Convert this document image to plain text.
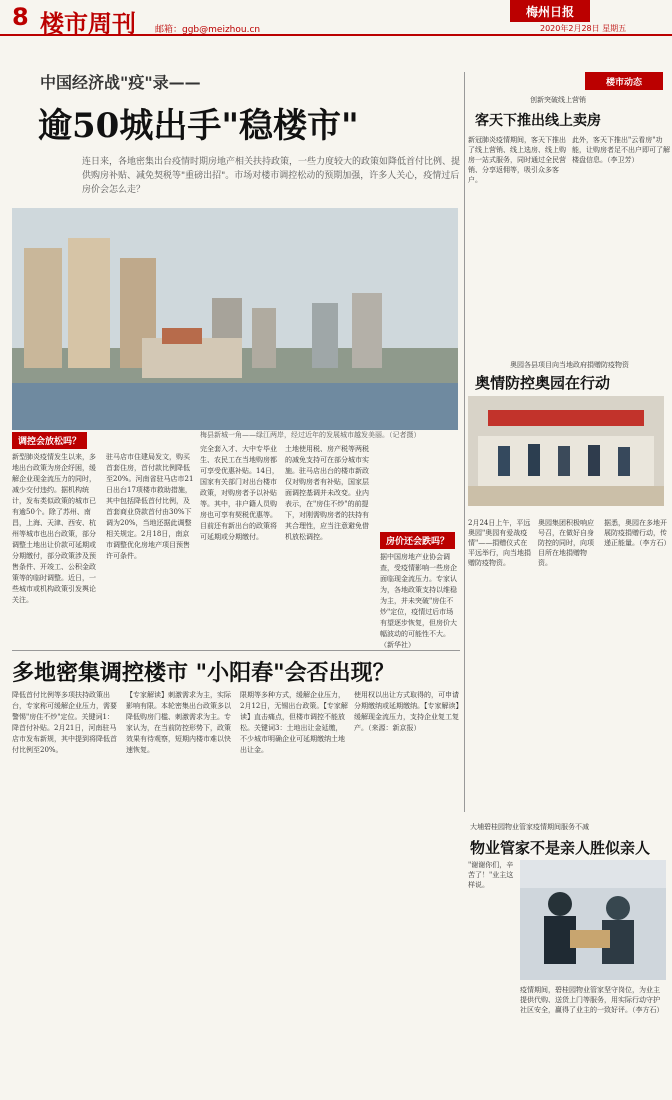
8 楼市周刊 邮箱：ggb@meizhou.cn
梅州日报
2020年2月28日 星期五
中国经济战"疫"录——
逾50城出手"稳楼市"
连日来，各地密集出台疫情时期房地产相关扶持政策，一些力度较大的政策如降低首付比例、提供购房补贴、减免契税等"重磅出招"。市场对楼市调控松动的预期加强，许多人关心，疫情过后房价会怎么走？
梅县新城一角——绿江两岸，经过近年的发展城市越发美丽。（记者摄）
调控会放松吗？
新型肺炎疫情发生以来，多地出台政策为房企纾困，缓解企业现金流压力的同时，减少交付违约。据机构统计，发布类似政策的城市已有逾50个。除了苏州、南昌，上海、天津、西安、杭州等城市也出台政策，部分调整土地出让价款可延期或分期缴付，部分政策涉及预售条件、开竣工、公积金政策等的临时调整。近日，一些城市或机构政策引发舆论关注。
驻马店市住建局发文，购买首套住房，首付款比例降低至20%。河南省驻马店市21日出台17项楼市救助措施，其中包括降低首付比例，及首套商业贷款首付由30%下调为20%，当地还据此调整相关规定。2月18日，南京市调整优化房地产项目预售许可条件。
完全套入才、大中专毕业生、农民工在当地购房都可享受优惠补贴。14日，国家有关部门对出台楼市政策，对购房者予以补贴等。其中，非户籍人员购房也可享有契税优惠等。目前还有新出台的政策将可延期或分期缴付。
土地使用税、房产税等两税的减免支持可在部分城市实施。驻马店出台的楼市新政仅对购房者有补贴，国家层面调控基调并未改变。业内表示，在"房住不炒"的前提下，对刚需购房者的扶持有其合理性，应当注意避免借机放松调控。	房价还会跌吗？
据中国房地产业协会调查，受疫情影响一些房企面临现金流压力。专家认为，各地政策支持以维稳为主，并未突破"房住不炒"定位，疫情过后市场有望逐步恢复，但房价大幅波动的可能性不大。（新华社）
楼市动态
创新突破线上营销
客天下推出线上卖房
新冠肺炎疫情期间，客天下推出了线上营销、线上选房、线上购房一站式服务，同时通过全民营销、分享返佣等，吸引众多客户。
此外，客天下推出"云看房"功能，让购房者足不出户即可了解楼盘信息。（李卫芳）
奥园各县项目向当地政府捐赠防疫物资
奥情防控奥园在行动
2月24日上午，平远奥园"奥园有爱战疫情"——捐赠仪式在平远举行，向当地捐赠防疫物资。
奥园集团积极响应号召，在做好自身防控的同时，向项目所在地捐赠物资。
据悉，奥园在多地开展防疫捐赠行动，传递正能量。（李方石）
多地密集调控楼市 "小阳春"会否出现？
降低首付比例等多项扶持政策出台，专家称可缓解企业压力，需要警惕"房住不炒"定位。关键词1：降首付补贴。2月21日，河南驻马店市发布新规，其中提到将降低首付比例至20%。
【专家解读】刺激需求为主，实际影响有限。本轮密集出台政策多以降低购房门槛、刺激需求为主。专家认为，在当前防控形势下，政策效果有待观察，短期内楼市难以快速恢复。
限期等多种方式，缓解企业压力，2月12日，无锡出台政策。【专家解读】直击痛点，但楼市调控不能放松。关键词3：土地出让金延缴，不少城市明确企业可延期缴纳土地出让金。
使用权以出让方式取得的，可申请分期缴纳或延期缴纳。【专家解读】缓解现金流压力，支持企业复工复产。（来源：新京报）
大埔碧桂园物业管家疫情期间服务不减
物业管家不是亲人胜似亲人
"谢谢你们，辛苦了！"业主这样说。
疫情期间，碧桂园物业管家坚守岗位，为业主提供代购、送货上门等服务，用实际行动守护社区安全，赢得了业主的一致好评。（李方石）
